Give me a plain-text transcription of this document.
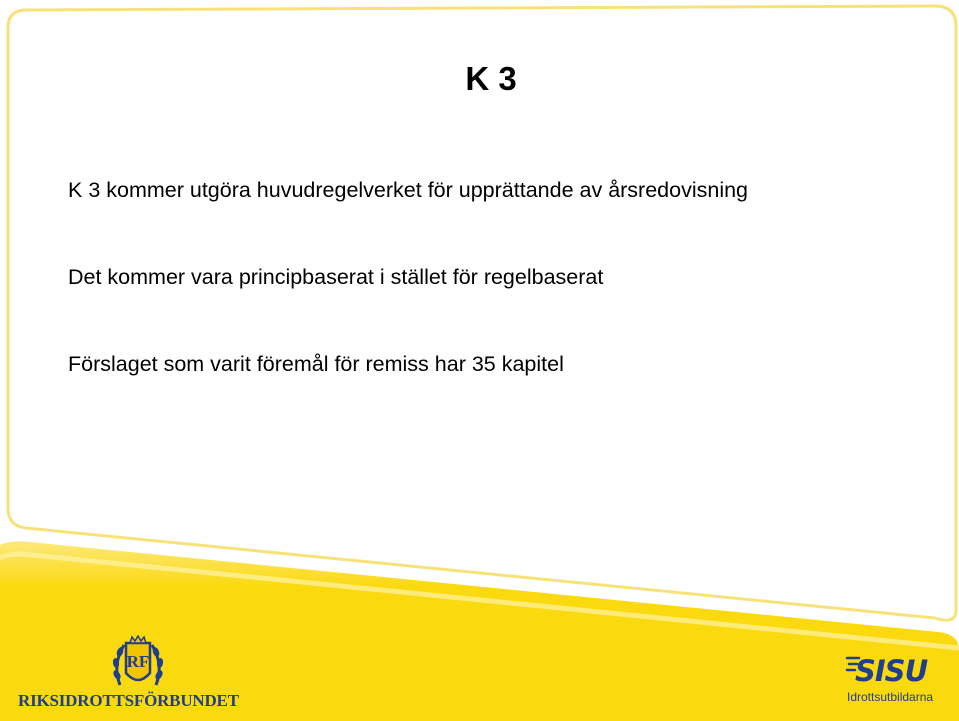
K 3
K 3 kommer utgöra huvudregelverket för upprättande av årsredovisning
Det kommer vara principbaserat i stället för regelbaserat
Förslaget som varit föremål för remiss har 35 kapitel
RF
RIKSIDROTTSFÖRBUNDET
SISU
Idrottsutbildarna
